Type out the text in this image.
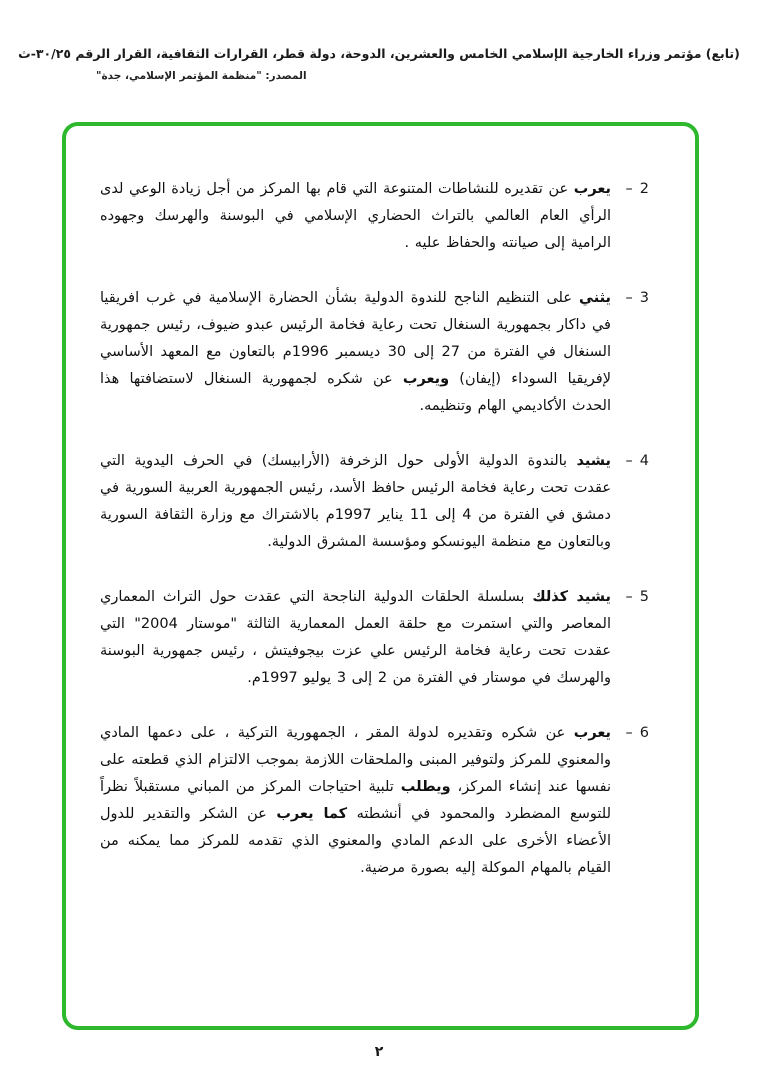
(تابع) مؤتمر وزراء الخارجية الإسلامي الخامس والعشرين، الدوحة، دولة قطر، القرارات الثقافية، القرار الرقم ٣٠/٢٥-ث
المصدر: "منظمة المؤتمر الإسلامي، جدة"
2
–

يعرب عن تقديره للنشاطات المتنوعة التي قام بها المركز من أجل زيادة الوعي لدى الرأي العام العالمي بالتراث الحضاري الإسلامي في البوسنة والهرسك وجهوده الرامية إلى صيانته والحفاظ عليه .

3
–

يثني على التنظيم الناجح للندوة الدولية بشأن الحضارة الإسلامية في غرب افريقيا في داكار بجمهورية السنغال تحت رعاية فخامة الرئيس عبدو ضيوف، رئيس جمهورية السنغال في الفترة من 27 إلى 30 ديسمبر 1996م بالتعاون مع المعهد الأساسي لإفريقيا السوداء (إيفان) ويعرب عن شكره لجمهورية السنغال لاستضافتها هذا الحدث الأكاديمي الهام وتنظيمه.

4
–

يشيد بالندوة الدولية الأولى حول الزخرفة (الأرابيسك) في الحرف اليدوية التي عقدت تحت رعاية فخامة الرئيس حافظ الأسد، رئيس الجمهورية العربية السورية في دمشق في الفترة من 4 إلى 11 يناير 1997م بالاشتراك مع وزارة الثقافة السورية وبالتعاون مع منظمة اليونسكو ومؤسسة المشرق الدولية.

5
–

يشيد كذلك بسلسلة الحلقات الدولية الناجحة التي عقدت حول التراث المعماري المعاصر والتي استمرت مع حلقة العمل المعمارية الثالثة "موستار 2004" التي عقدت تحت رعاية فخامة الرئيس علي عزت بيجوفيتش ، رئيس جمهورية البوسنة والهرسك في موستار في الفترة من 2 إلى 3 يوليو 1997م.

6
–

يعرب عن شكره وتقديره لدولة المقر ، الجمهورية التركية ، على دعمها المادي والمعنوي للمركز ولتوفير المبنى والملحقات اللازمة بموجب الالتزام الذي قطعته على نفسها عند إنشاء المركز، ويطلب تلبية احتياجات المركز من المباني مستقبلاً نظراً للتوسع المضطرد والمحمود في أنشطته كما يعرب عن الشكر والتقدير للدول الأعضاء الأخرى على الدعم المادي والمعنوي الذي تقدمه للمركز مما يمكنه من القيام بالمهام الموكلة إليه بصورة مرضية.

٢
